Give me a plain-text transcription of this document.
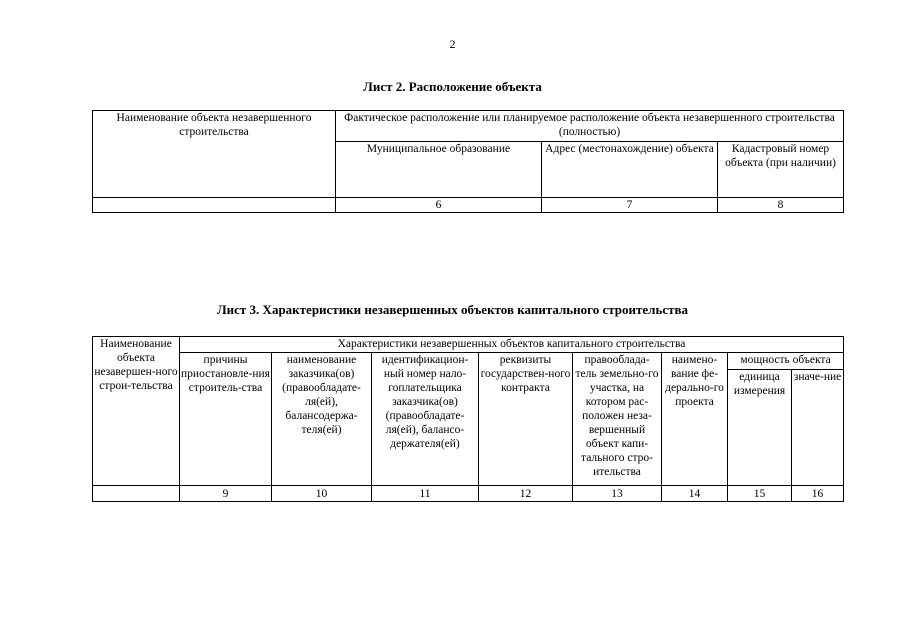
2
Лист 2. Расположение объекта
Наименование объекта незавершенного строительства	Фактическое расположение или планируемое расположение объекта незавершенного строительства (полностью)		
	Муниципальное образование	Адрес (местонахождение) объекта	Кадастровый номер объекта (при наличии)
	6	7	8
Лист 3. Характеристики незавершенных объектов капитального строительства
Наименование объекта незавершен-ного строи-тельства	Характеристики незавершенных объектов капитального строительства							
	причины приостановле-ния строитель-ства	наименование заказчика(ов) (правообладате-ля(ей), балансодержа-теля(ей)	идентификацион-ный номер нало-гоплательщика заказчика(ов) (правообладате-ля(ей), балансо-держателя(ей)	реквизиты государствен-ного контракта	правооблада-тель земельно-го участка, на котором рас-положен неза-вершенный объект капи-тального стро-ительства	наимено-вание фе-дерально-го проекта	мощность объекта	
							единица измерения	значе-ние
	9	10	11	12	13	14	15	16
